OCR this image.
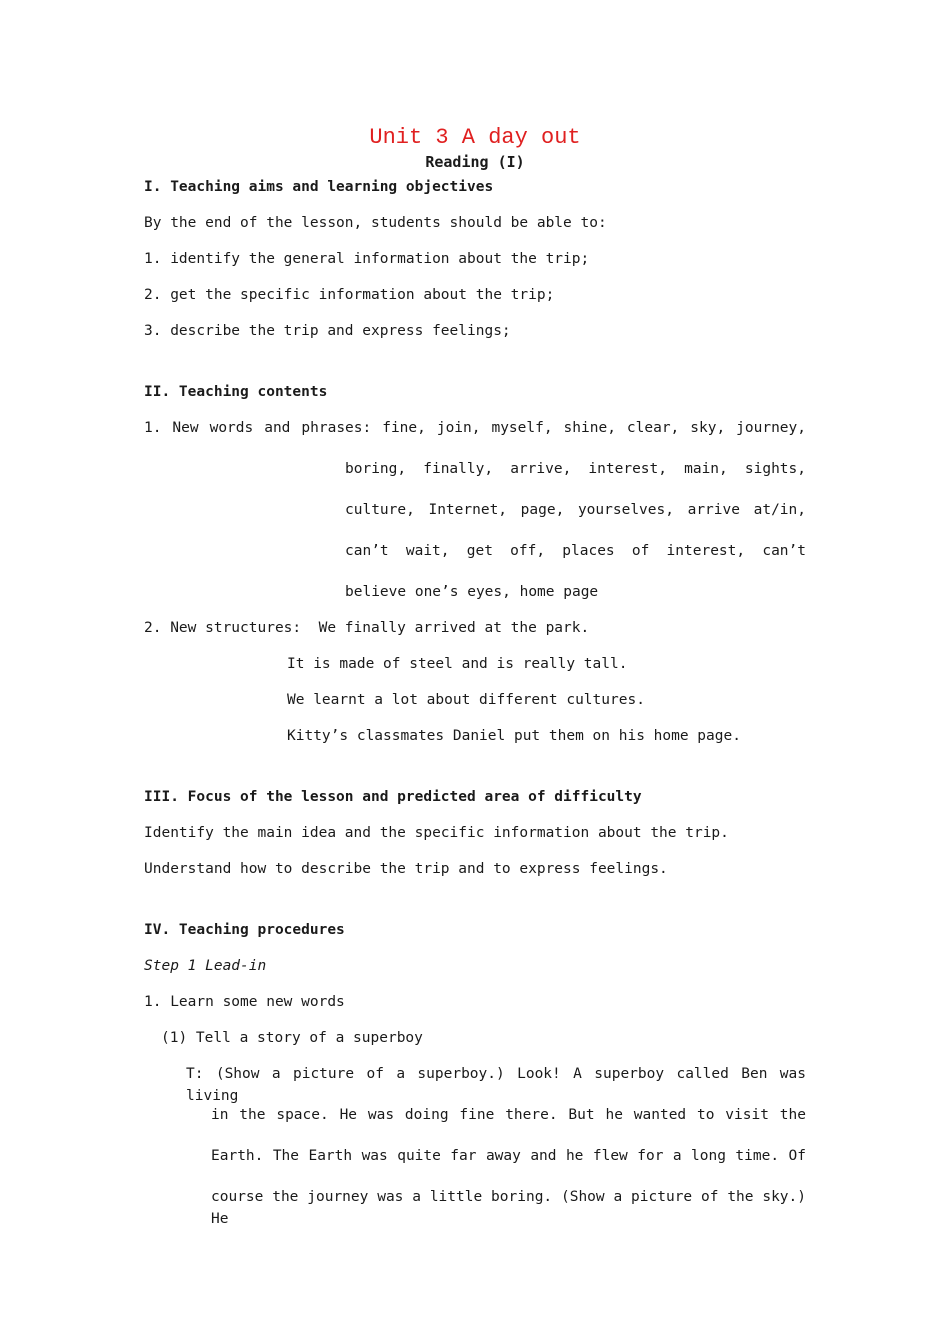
Unit 3 A day out
Reading (I)
I. Teaching aims and learning objectives
By the end of the lesson, students should be able to:
1. identify the general information about the trip;
2. get the specific information about the trip;
3. describe the trip and express feelings;
II. Teaching contents
1. New words and phrases: fine, join, myself, shine, clear, sky, journey,
boring, finally, arrive, interest, main, sights,
culture, Internet, page, yourselves, arrive at/in,
can’t wait, get off, places of interest, can’t
believe one’s eyes, home page
2. New structures:  We finally arrived at the park.
It is made of steel and is really tall.
We learnt a lot about different cultures.
Kitty’s classmates Daniel put them on his home page.
III. Focus of the lesson and predicted area of difficulty
Identify the main idea and the specific information about the trip.
Understand how to describe the trip and to express feelings.
IV. Teaching procedures
Step 1 Lead-in
1. Learn some new words
(1) Tell a story of a superboy
T: (Show a picture of a superboy.) Look! A superboy called Ben was living
in the space. He was doing fine there. But he wanted to visit the
Earth. The Earth was quite far away and he flew for a long time. Of
course the journey was a little boring. (Show a picture of the sky.) He
